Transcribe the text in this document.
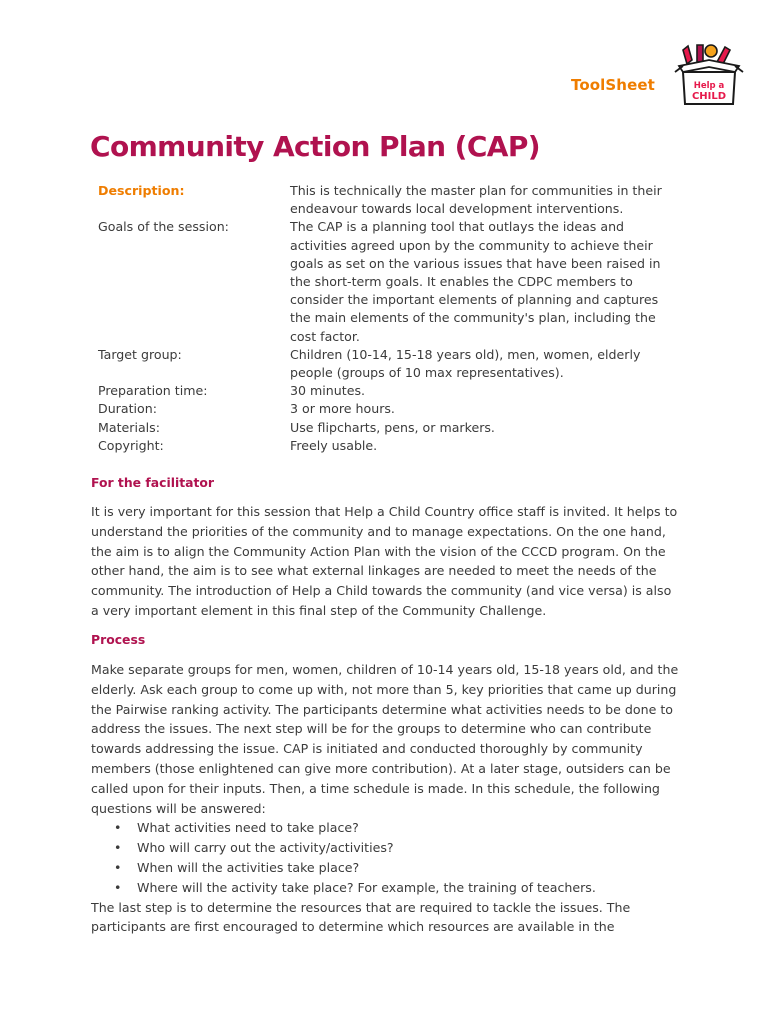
ToolSheet	Help a
CHILD
Community Action Plan (CAP)
Description:	This is technically the master plan for communities in their endeavour towards local development interventions.
Goals of the session:	The CAP is a planning tool that outlays the ideas and activities agreed upon by the community to achieve their goals as set on the various issues that have been raised in the short-term goals. It enables the CDPC members to consider the important elements of planning and captures the main elements of the community's plan, including the cost factor.
Target group:	Children (10-14, 15-18 years old), men, women, elderly people (groups of 10 max representatives).
Preparation time:	30 minutes.
Duration:	3 or more hours.
Materials:	Use flipcharts, pens, or markers.
Copyright:	Freely usable.
For the facilitator

It is very important for this session that Help a Child Country office staff is invited. It helps to understand the priorities of the community and to manage expectations. On the one hand, the aim is to align the Community Action Plan with the vision of the CCCD program. On the other hand, the aim is to see what external linkages are needed to meet the needs of the community. The introduction of Help a Child towards the community (and vice versa) is also a very important element in this final step of the Community Challenge.

Process

Make separate groups for men, women, children of 10-14 years old, 15-18 years old, and the elderly. Ask each group to come up with, not more than 5, key priorities that came up during the Pairwise ranking activity. The participants determine what activities needs to be done to address the issues. The next step will be for the groups to determine who can contribute towards addressing the issue. CAP is initiated and conducted thoroughly by community members (those enlightened can give more contribution). At a later stage, outsiders can be called upon for their inputs. Then, a time schedule is made. In this schedule, the following questions will be answered:

• What activities need to take place?
• Who will carry out the activity/activities?
• When will the activities take place?
• Where will the activity take place? For example, the training of teachers.

The last step is to determine the resources that are required to tackle the issues. The participants are first encouraged to determine which resources are available in the
